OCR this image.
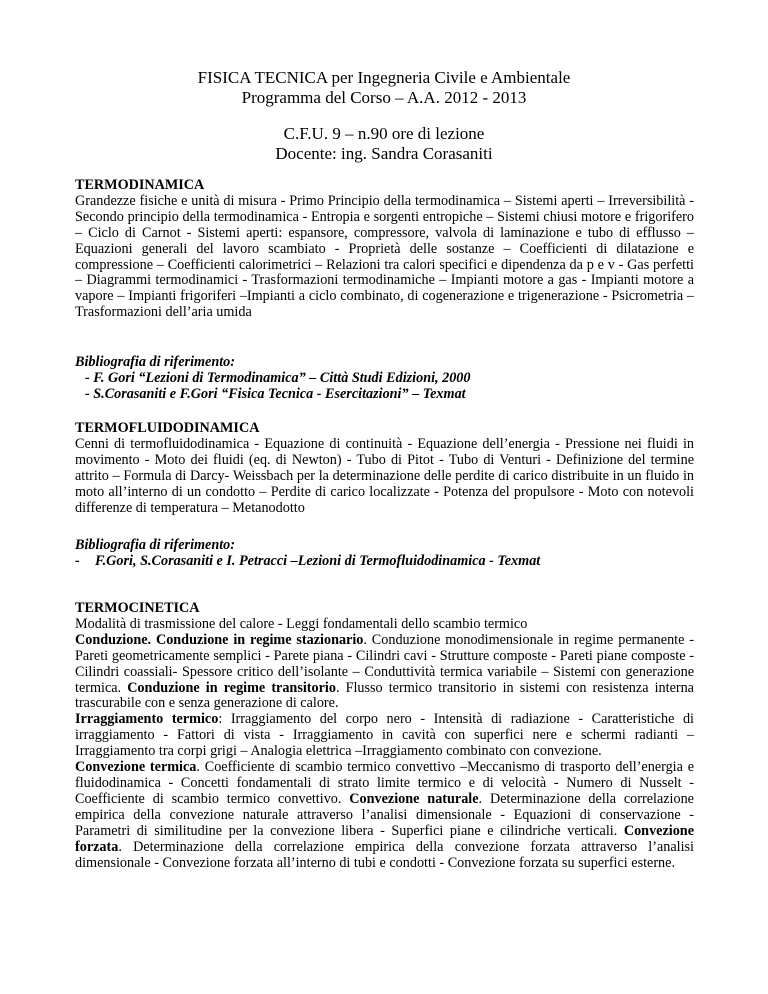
FISICA TECNICA per Ingegneria Civile e Ambientale
Programma del Corso – A.A. 2012 - 2013
C.F.U. 9 – n.90 ore di lezione
Docente: ing. Sandra Corasaniti
TERMODINAMICA
Grandezze fisiche e unità di misura - Primo Principio della termodinamica – Sistemi aperti – Irreversibilità - Secondo principio della termodinamica - Entropia e sorgenti entropiche – Sistemi chiusi motore e frigorifero – Ciclo di Carnot - Sistemi aperti: espansore, compressore, valvola di laminazione e tubo di efflusso – Equazioni generali del lavoro scambiato - Proprietà delle sostanze – Coefficienti di dilatazione e compressione – Coefficienti calorimetrici – Relazioni tra calori specifici e dipendenza da p e v - Gas perfetti – Diagrammi termodinamici - Trasformazioni termodinamiche – Impianti motore a gas - Impianti motore a vapore – Impianti frigoriferi –Impianti a ciclo combinato, di cogenerazione e trigenerazione - Psicrometria – Trasformazioni dell’aria umida
Bibliografia di riferimento:
- F. Gori “Lezioni di Termodinamica” – Città Studi Edizioni, 2000
- S.Corasaniti e F.Gori “Fisica Tecnica - Esercitazioni” – Texmat
TERMOFLUIDODINAMICA
Cenni di termofluidodinamica - Equazione di continuità - Equazione dell’energia - Pressione nei fluidi in movimento - Moto dei fluidi (eq. di Newton) - Tubo di Pitot - Tubo di Venturi - Definizione del termine attrito – Formula di Darcy- Weissbach per la determinazione delle perdite di carico distribuite in un fluido in moto all’interno di un condotto – Perdite di carico localizzate - Potenza del propulsore - Moto con notevoli differenze di temperatura – Metanodotto
Bibliografia di riferimento:
- F.Gori, S.Corasaniti e I. Petracci –Lezioni di Termofluidodinamica - Texmat
TERMOCINETICA
Modalità di trasmissione del calore - Leggi fondamentali dello scambio termico
Conduzione. Conduzione in regime stazionario. Conduzione monodimensionale in regime permanente -Pareti geometricamente semplici - Parete piana - Cilindri cavi - Strutture composte - Pareti piane composte - Cilindri coassiali- Spessore critico dell’isolante – Conduttività termica variabile – Sistemi con generazione termica. Conduzione in regime transitorio. Flusso termico transitorio in sistemi con resistenza interna trascurabile con e senza generazione di calore.
Irraggiamento termico: Irraggiamento del corpo nero - Intensità di radiazione - Caratteristiche di irraggiamento - Fattori di vista - Irraggiamento in cavità con superfici nere e schermi radianti – Irraggiamento tra corpi grigi – Analogia elettrica –Irraggiamento combinato con convezione.
Convezione termica. Coefficiente di scambio termico convettivo –Meccanismo di trasporto dell’energia e fluidodinamica - Concetti fondamentali di strato limite termico e di velocità - Numero di Nusselt - Coefficiente di scambio termico convettivo. Convezione naturale. Determinazione della correlazione empirica della convezione naturale attraverso l’analisi dimensionale - Equazioni di conservazione - Parametri di similitudine per la convezione libera - Superfici piane e cilindriche verticali. Convezione forzata. Determinazione della correlazione empirica della convezione forzata attraverso l’analisi dimensionale - Convezione forzata all’interno di tubi e condotti - Convezione forzata su superfici esterne.
